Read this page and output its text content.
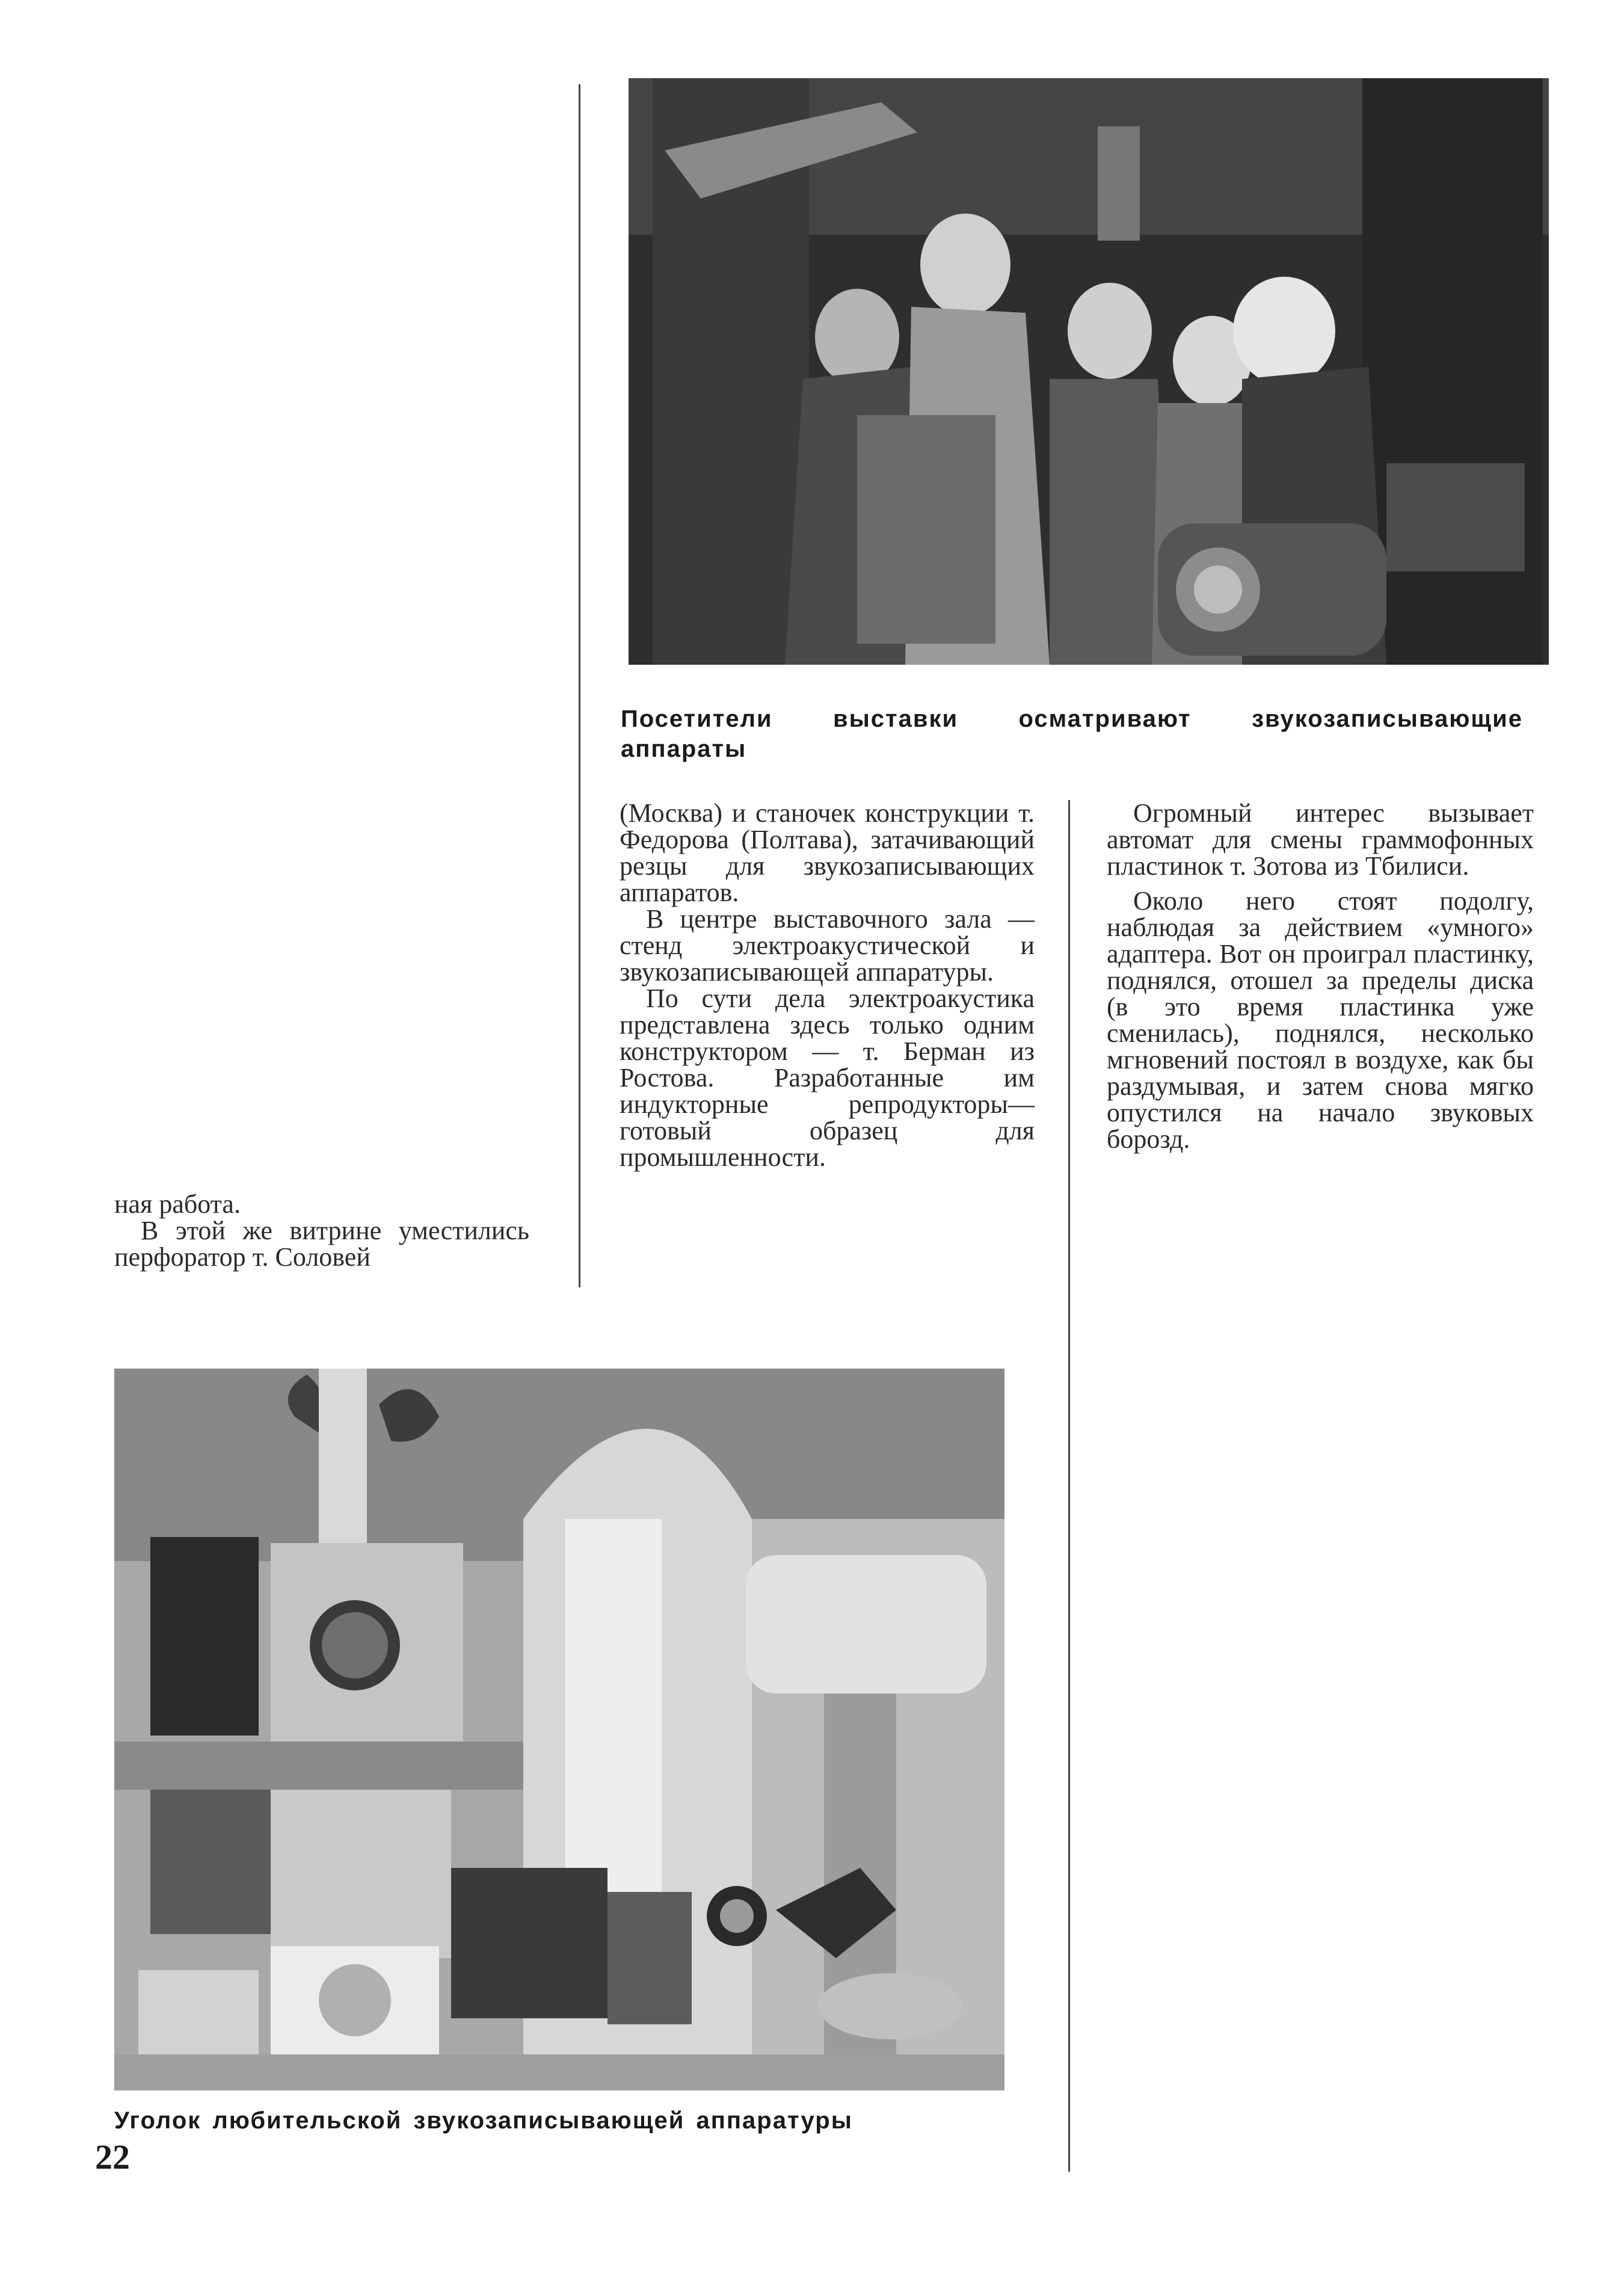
Посетители выставки осматривают звукозаписывающие аппараты

ная работа.

В этой же витрине уместились перфоратор т. Соловей

(Москва) и станочек конструкции т. Федорова (Полтава), затачивающий резцы для звукозаписывающих аппаратов.

В центре выставочного зала — стенд электроакустической и звукозаписывающей аппаратуры.

По сути дела электроакустика представлена здесь только одним конструктором — т. Берман из Ростова. Разработанные им индукторные репродукторы—готовый образец для промышленности.

Огромный интерес вызывает автомат для смены граммофонных пластинок т. Зотова из Тбилиси.

Около него стоят подолгу, наблюдая за действием «умного» адаптера. Вот он проиграл пластинку, поднялся, отошел за пределы диска (в это время пластинка уже сменилась), поднялся, несколько мгновений постоял в воздухе, как бы раздумывая, и затем снова мягко опустился на начало звуковых борозд.

Уголок любительской звукозаписывающей аппаратуры
22
